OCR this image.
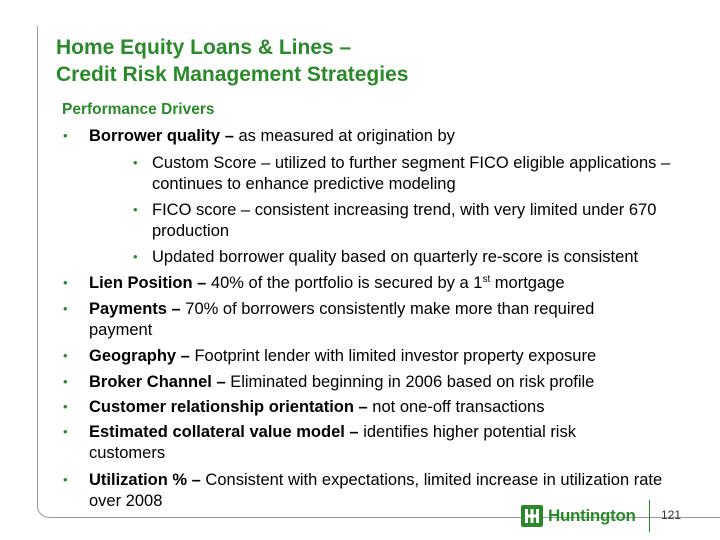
Home Equity Loans & Lines –
Credit Risk Management Strategies
Performance Drivers
• Borrower quality – as measured at origination by
• Custom Score – utilized to further segment FICO eligible applications – continues to enhance predictive modeling
• FICO score – consistent increasing trend, with very limited under 670 production
• Updated borrower quality based on quarterly re-score is consistent
• Lien Position – 40% of the portfolio is secured by a 1st mortgage
• Payments – 70% of borrowers consistently make more than required payment
• Geography – Footprint lender with limited investor property exposure
• Broker Channel – Eliminated beginning in 2006 based on risk profile
• Customer relationship orientation – not one-off transactions
• Estimated collateral value model – identifies higher potential risk customers
• Utilization % – Consistent with expectations, limited increase in utilization rate over 2008
Huntington 121
